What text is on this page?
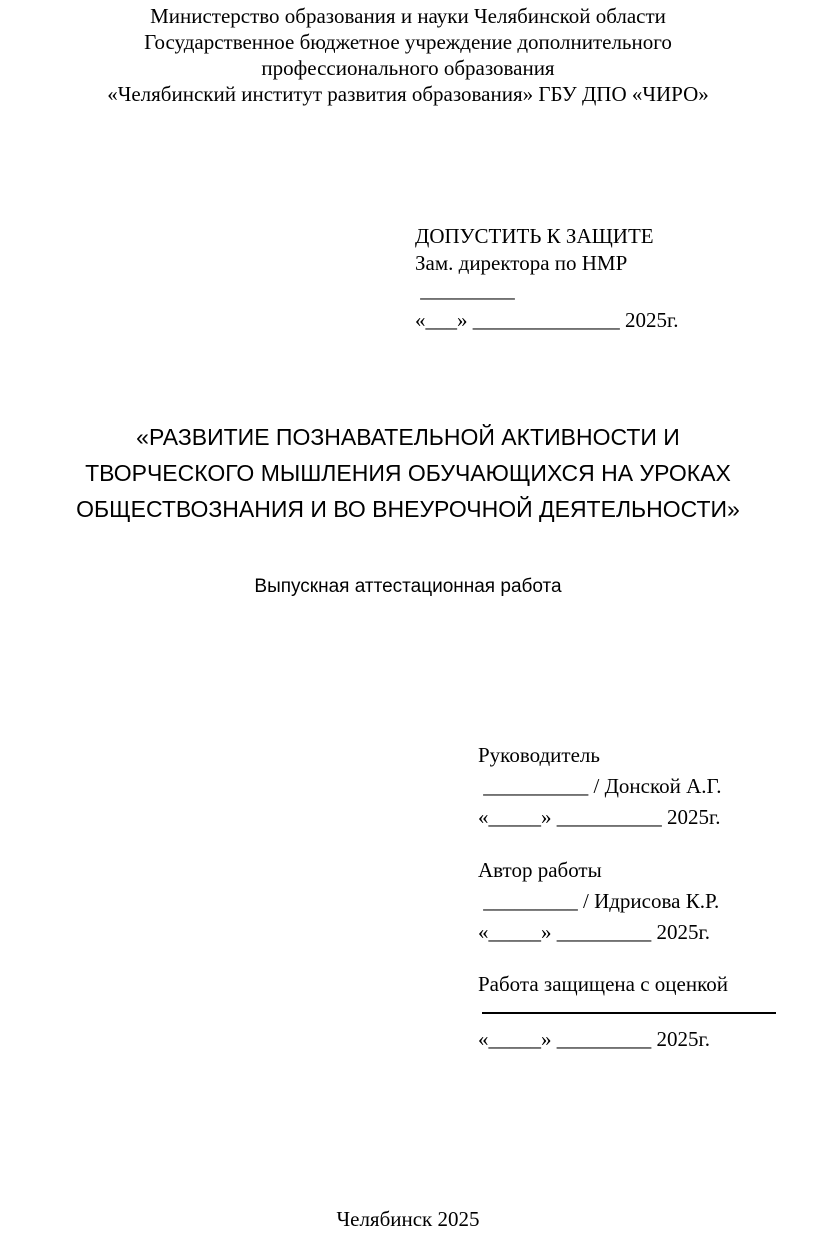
Министерство образования и науки Челябинской области
Государственное бюджетное учреждение дополнительного
профессионального образования
«Челябинский институт развития образования» ГБУ ДПО «ЧИРО»
ДОПУСТИТЬ К ЗАЩИТЕ
Зам. директора по НМР
_________
«___» ______________ 2025г.
«РАЗВИТИЕ ПОЗНАВАТЕЛЬНОЙ АКТИВНОСТИ И
ТВОРЧЕСКОГО МЫШЛЕНИЯ ОБУЧАЮЩИХСЯ НА УРОКАХ
ОБЩЕСТВОЗНАНИЯ И ВО ВНЕУРОЧНОЙ ДЕЯТЕЛЬНОСТИ»
Выпускная аттестационная работа
Руководитель
__________ / Донской А.Г.
«_____» __________ 2025г.
Автор работы
_________ / Идрисова К.Р.
«_____» _________ 2025г.
Работа защищена с оценкой
«_____» _________ 2025г.
Челябинск 2025
